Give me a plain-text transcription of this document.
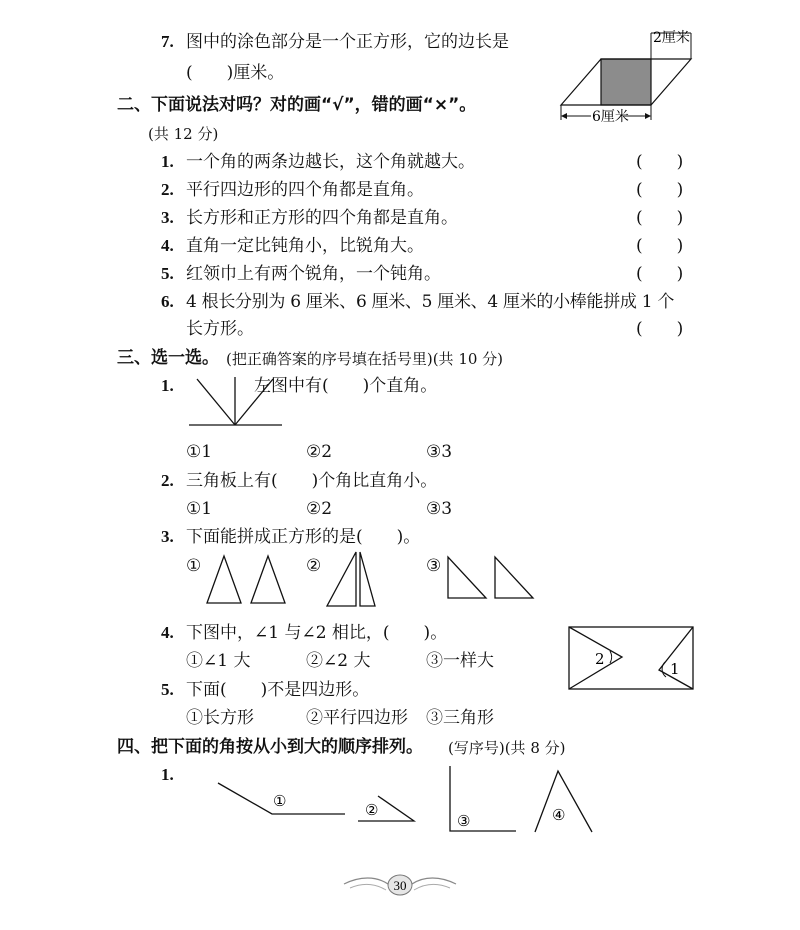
7. 图中的涂色部分是一个正方形，它的边长是
(　　)厘米。
2厘米
6厘米
二、下面说法对吗？对的画“√”，错的画“×”。
(共 12 分)
1. 一个角的两条边越长，这个角就越大。	(　　)
2. 平行四边形的四个角都是直角。	(　　)
3. 长方形和正方形的四个角都是直角。	(　　)
4. 直角一定比钝角小，比锐角大。	(　　)
5. 红领巾上有两个锐角，一个钝角。	(　　)
6. 4 根长分别为 6 厘米、6 厘米、5 厘米、4 厘米的小棒能拼成 1 个
长方形。	(　　)
三、选一选。 (把正确答案的序号填在括号里)(共 10 分)
1.	左图中有(　　)个直角。
①1	②2	③3
2. 三角板上有(　　)个角比直角小。
①1	②2	③3
3. 下面能拼成正方形的是(　　)。
①	②	③
4. 下图中，∠1 与∠2 相比，(　　)。
①∠1 大	②∠2 大	③一样大	2
1
5. 下面(　　)不是四边形。
①长方形	②平行四边形 ③三角形
四、把下面的角按从小到大的顺序排列。 (写序号)(共 8 分)
1.
①	②
③	④
30
